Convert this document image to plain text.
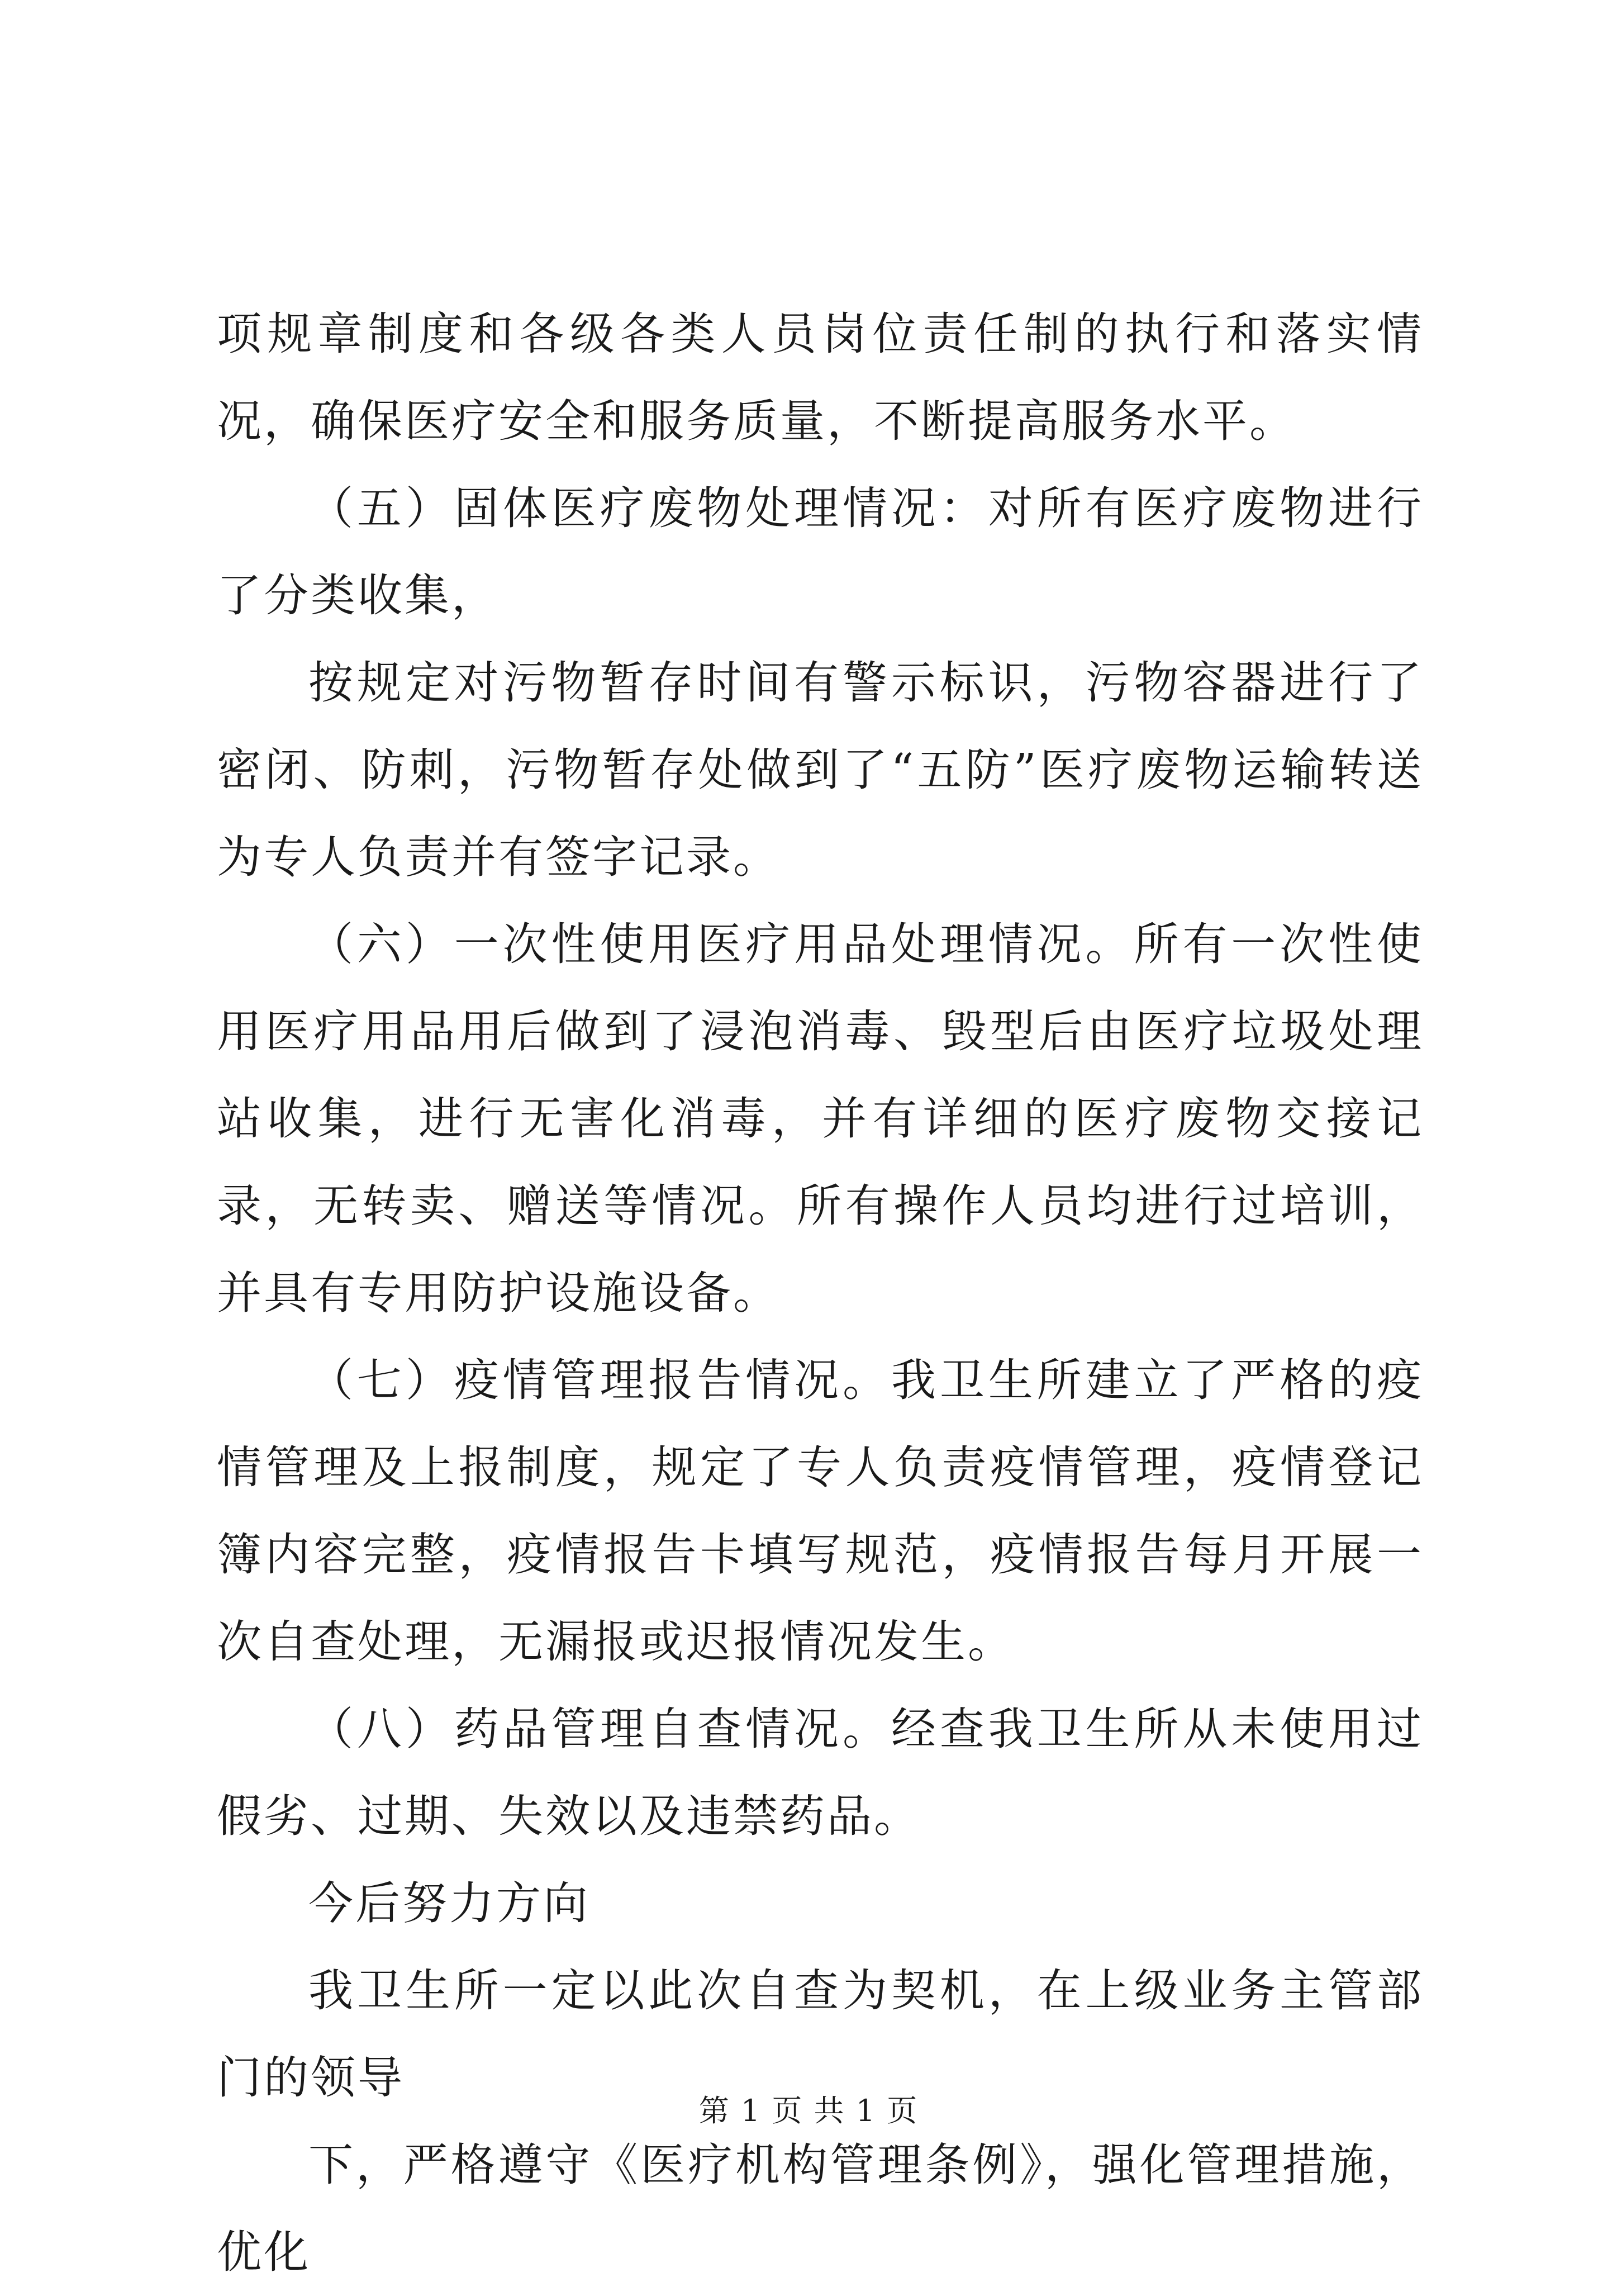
项规章制度和各级各类人员岗位责任制的执行和落实情况，确保医疗安全和服务质量，不断提高服务水平。

（五）固体医疗废物处理情况：对所有医疗废物进行了分类收集，

按规定对污物暂存时间有警示标识，污物容器进行了密闭、防刺，污物暂存处做到了“五防”医疗废物运输转送为专人负责并有签字记录。

（六）一次性使用医疗用品处理情况。所有一次性使用医疗用品用后做到了浸泡消毒、毁型后由医疗垃圾处理站收集，进行无害化消毒，并有详细的医疗废物交接记录，无转卖、赠送等情况。所有操作人员均进行过培训，并具有专用防护设施设备。

（七）疫情管理报告情况。我卫生所建立了严格的疫情管理及上报制度，规定了专人负责疫情管理，疫情登记簿内容完整，疫情报告卡填写规范，疫情报告每月开展一次自查处理，无漏报或迟报情况发生。

（八）药品管理自查情况。经查我卫生所从未使用过假劣、过期、失效以及违禁药品。

今后努力方向

我卫生所一定以此次自查为契机，在上级业务主管部门的领导

下，严格遵守《医疗机构管理条例》，强化管理措施，优化

第 1 页 共 1 页
